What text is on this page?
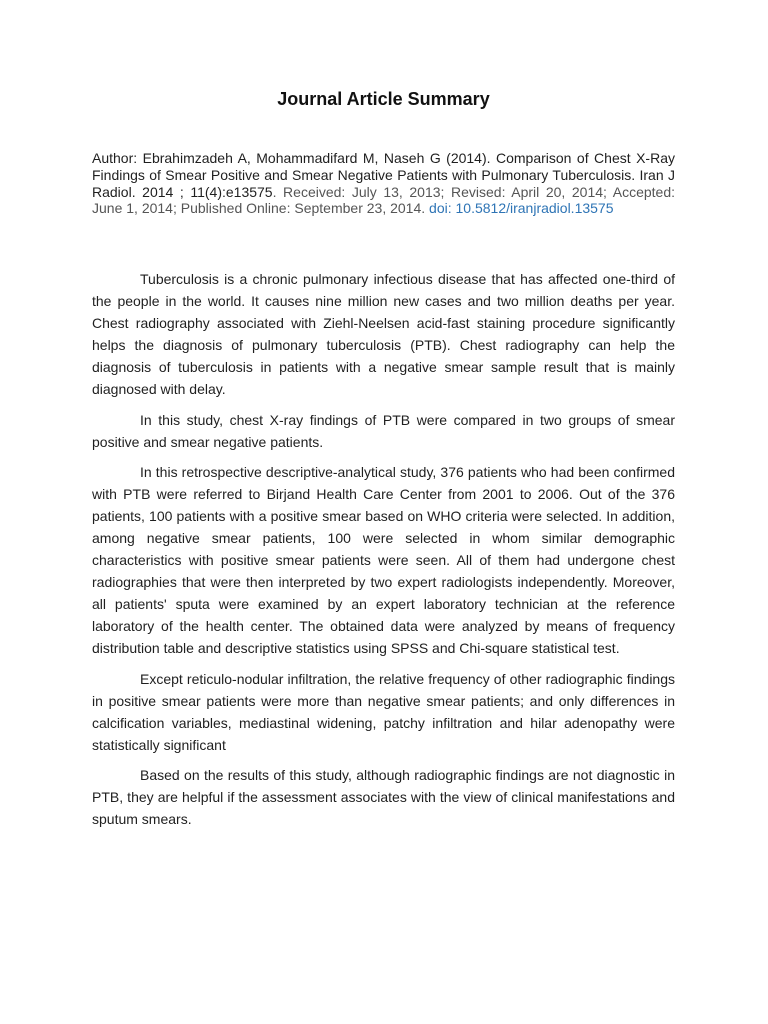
Journal Article Summary
Author: Ebrahimzadeh A, Mohammadifard M, Naseh G (2014). Comparison of Chest X-Ray Findings of Smear Positive and Smear Negative Patients with Pulmonary Tuberculosis. Iran J Radiol. 2014 ; 11(4):e13575. Received: July 13, 2013; Revised: April 20, 2014; Accepted: June 1, 2014; Published Online: September 23, 2014. doi: 10.5812/iranjradiol.13575

Tuberculosis is a chronic pulmonary infectious disease that has affected one-third of the people in the world. It causes nine million new cases and two million deaths per year. Chest radiography associated with Ziehl-Neelsen acid-fast staining procedure significantly helps the diagnosis of pulmonary tuberculosis (PTB). Chest radiography can help the diagnosis of tuberculosis in patients with a negative smear sample result that is mainly diagnosed with delay.

In this study, chest X-ray findings of PTB were compared in two groups of smear positive and smear negative patients.

In this retrospective descriptive-analytical study, 376 patients who had been confirmed with PTB were referred to Birjand Health Care Center from 2001 to 2006. Out of the 376 patients, 100 patients with a positive smear based on WHO criteria were selected. In addition, among negative smear patients, 100 were selected in whom similar demographic characteristics with positive smear patients were seen. All of them had undergone chest radiographies that were then interpreted by two expert radiologists independently. Moreover, all patients' sputa were examined by an expert laboratory technician at the reference laboratory of the health center. The obtained data were analyzed by means of frequency distribution table and descriptive statistics using SPSS and Chi-square statistical test.

Except reticulo-nodular infiltration, the relative frequency of other radiographic findings in positive smear patients were more than negative smear patients; and only differences in calcification variables, mediastinal widening, patchy infiltration and hilar adenopathy were statistically significant

Based on the results of this study, although radiographic findings are not diagnostic in PTB, they are helpful if the assessment associates with the view of clinical manifestations and sputum smears.
